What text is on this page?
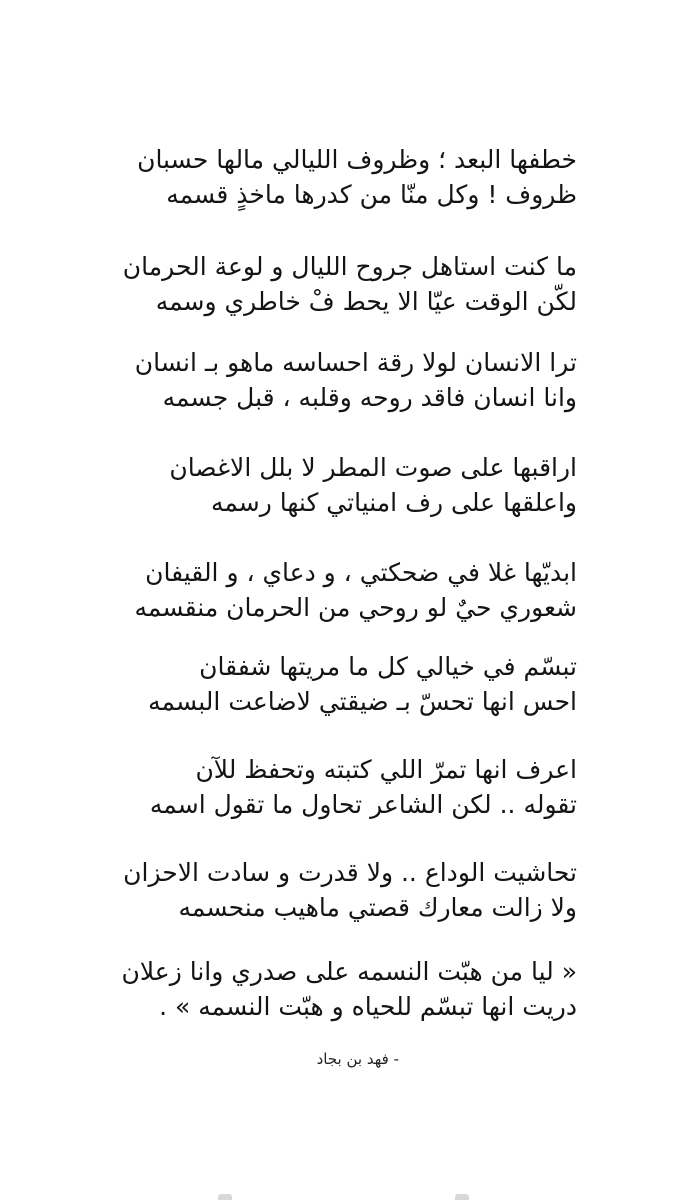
خطفها البعد ؛ وظروف الليالي مالها حسبان
ظروف ! وكل منّا من كدرها ماخذٍ قسمه
ما كنت استاهل جروح الليال و لوعة الحرمان
لكّن الوقت عيّا الا يحط فْ خاطري وسمه
ترا الانسان لولا رقة احساسه ماهو بـ انسان
وانا انسان فاقد روحه وقلبه ، قبل جسمه
اراقبها على صوت المطر لا بلل الاغصان
واعلقها على رف امنياتي كنها رسمه
ابديّها غلا في ضحكتي ، و دعاي ، و القيفان
شعوري حيٌ لو روحي من الحرمان منقسمه
تبسّم في خيالي كل ما مريتها شفقان
احس انها تحسّ بـ ضيقتي لاضاعت البسمه
اعرف انها تمرّ اللي كتبته وتحفظ للآن
تقوله .. لكن الشاعر تحاول ما تقول اسمه
تحاشيت الوداع .. ولا قدرت و سادت الاحزان
ولا زالت معارك قصتي ماهيب منحسمه
« ليا من هبّت النسمه على صدري وانا زعلان
دريت انها تبسّم للحياه و هبّت النسمه » .
- فهد بن بجاد
